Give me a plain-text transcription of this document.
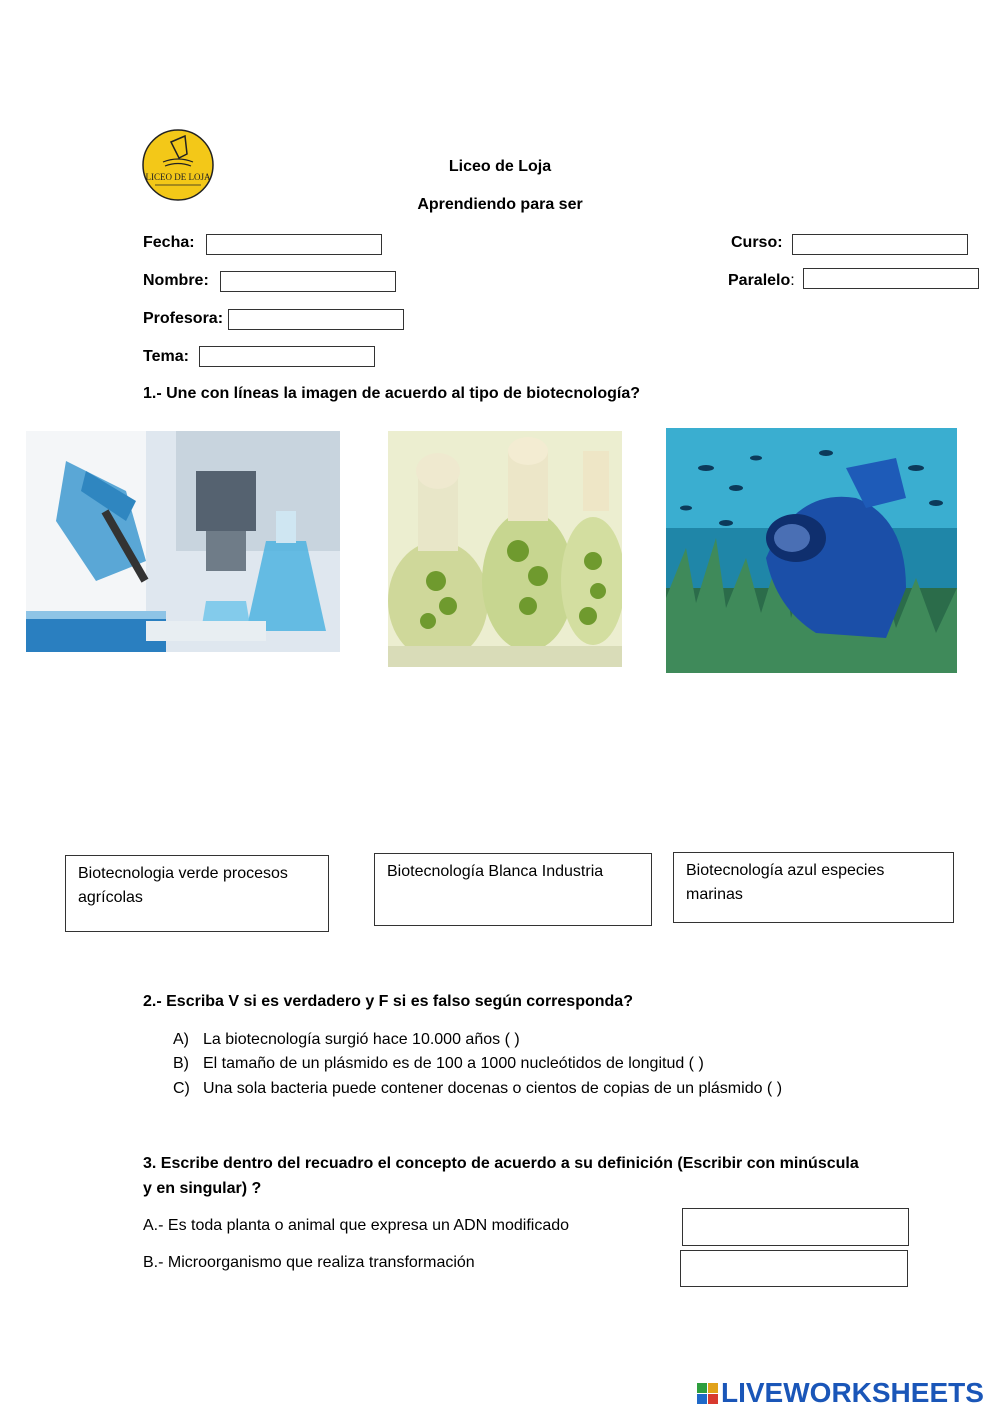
LICEO DE LOJA
Liceo de Loja
Aprendiendo para ser
Fecha:	Curso:
Nombre:	Paralelo:
Profesora:
Tema:
1.- Une con líneas la imagen de acuerdo al tipo de biotecnología?
Biotecnologia verde procesos agrícolas
Biotecnología Blanca Industria	Biotecnología azul especies marinas
2.- Escriba V si es verdadero y F si es falso según corresponda?
A) La biotecnología surgió hace 10.000 años ( )
B) El tamaño de un plásmido es de 100 a 1000 nucleótidos de longitud ( )
C) Una sola bacteria puede contener docenas o cientos de copias de un plásmido ( )
3. Escribe dentro del recuadro el concepto de acuerdo a su definición (Escribir con minúscula
y en singular) ?
A.- Es toda planta o animal que expresa un ADN modificado
B.- Microorganismo que realiza transformación
LIVEWORKSHEETS
